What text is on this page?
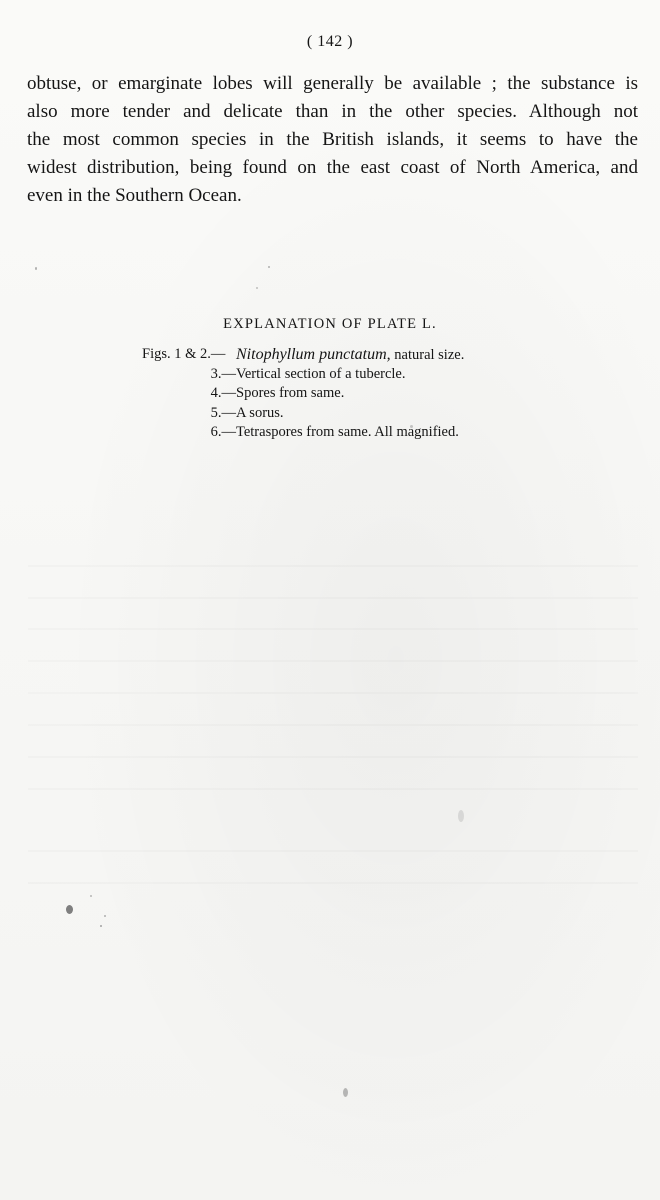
( 142 )
obtuse, or emarginate lobes will generally be available ; the substance is
also more tender and delicate than in the other species. Although not
the most common species in the British islands, it seems to have the
widest distribution, being found on the east coast of North America, and
even in the Southern Ocean.
EXPLANATION OF PLATE L.
Figs. 1 & 2.— Nitophyllum punctatum, natural size.
3.— Vertical section of a tubercle.
4.— Spores from same.
5.— A sorus.
6.— Tetraspores from same. All magnified.
